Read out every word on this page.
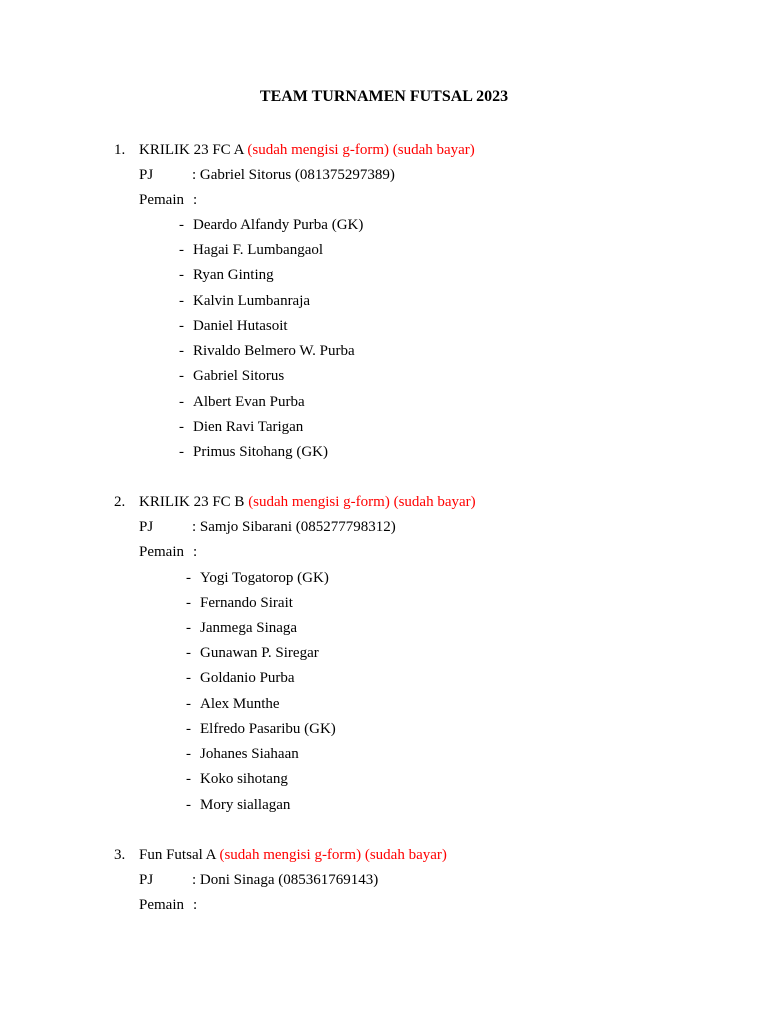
TEAM TURNAMEN FUTSAL 2023
1. KRILIK 23 FC A (sudah mengisi g-form) (sudah bayar)
PJ	: Gabriel Sitorus (081375297389)
Pemain :
- Deardo Alfandy Purba (GK)
- Hagai F. Lumbangaol
- Ryan Ginting
- Kalvin Lumbanraja
- Daniel Hutasoit
- Rivaldo Belmero W. Purba
- Gabriel Sitorus
- Albert Evan Purba
- Dien Ravi Tarigan
- Primus Sitohang (GK)
2. KRILIK 23 FC B (sudah mengisi g-form) (sudah bayar)
PJ	: Samjo Sibarani (085277798312)
Pemain :
- Yogi Togatorop (GK)
- Fernando Sirait
- Janmega Sinaga
- Gunawan P. Siregar
- Goldanio Purba
- Alex Munthe
- Elfredo Pasaribu (GK)
- Johanes Siahaan
- Koko sihotang
- Mory siallagan
3. Fun Futsal A (sudah mengisi g-form) (sudah bayar)
PJ	: Doni Sinaga (085361769143)
Pemain :
